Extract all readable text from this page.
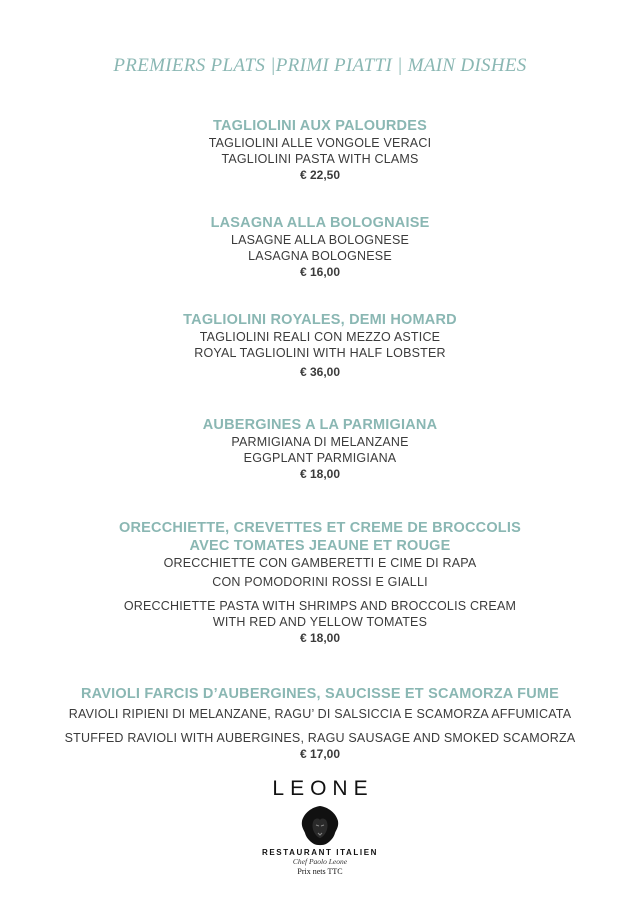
PREMIERS PLATS |PRIMI PIATTI | MAIN DISHES
TAGLIOLINI AUX PALOURDES
TAGLIOLINI ALLE VONGOLE VERACI
TAGLIOLINI PASTA WITH CLAMS
€ 22,50
LASAGNA ALLA BOLOGNAISE
LASAGNE ALLA BOLOGNESE
LASAGNA BOLOGNESE
€ 16,00
TAGLIOLINI ROYALES, DEMI HOMARD
TAGLIOLINI REALI CON MEZZO ASTICE
ROYAL TAGLIOLINI WITH HALF LOBSTER
€ 36,00
AUBERGINES A LA PARMIGIANA
PARMIGIANA DI MELANZANE
EGGPLANT PARMIGIANA
€ 18,00
ORECCHIETTE, CREVETTES ET CREME DE BROCCOLIS
AVEC TOMATES JEAUNE ET ROUGE
ORECCHIETTE CON GAMBERETTI E CIME DI RAPA
CON POMODORINI ROSSI E GIALLI
ORECCHIETTE PASTA WITH SHRIMPS AND BROCCOLIS CREAM
WITH RED AND YELLOW TOMATES
€ 18,00
RAVIOLI FARCIS D’AUBERGINES, SAUCISSE ET SCAMORZA FUME
RAVIOLI RIPIENI DI MELANZANE, RAGU’ DI SALSICCIA E SCAMORZA AFFUMICATA
STUFFED RAVIOLI WITH AUBERGINES, RAGU SAUSAGE AND SMOKED SCAMORZA
€ 17,00
LEONE
RESTAURANT ITALIEN
Chef Paolo Leone
Prix nets TTC
